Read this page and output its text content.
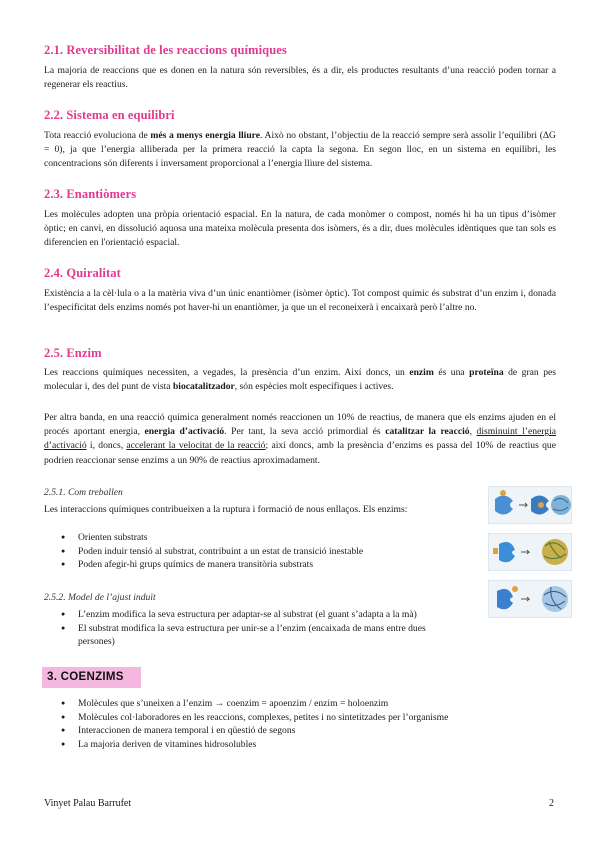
2.1. Reversibilitat de les reaccions químiques

La majoria de reaccions que es donen en la natura són reversibles, és a dir, els productes resultants d’una reacció poden tornar a regenerar els reactius.

2.2. Sistema en equilibri

Tota reacció evoluciona de més a menys energia lliure. Això no obstant, l’objectiu de la reacció sempre serà assolir l’equilibri (ΔG = 0), ja que l’energia alliberada per la primera reacció la capta la segona. En segon lloc, en un sistema en equilibri, les concentracions són diferents i inversament proporcional a l’energia lliure del sistema.

2.3. Enantiòmers

Les molècules adopten una pròpia orientació espacial. En la natura, de cada monòmer o compost, només hi ha un tipus d’isòmer òptic; en canvi, en dissolució aquosa una mateixa molècula presenta dos isòmers, és a dir, dues molècules idèntiques que tan sols es diferencien en l'orientació espacial.

2.4. Quiralitat

Existència a la cèl·lula o a la matèria viva d’un únic enantiòmer (isòmer òptic). Tot compost químic és substrat d’un enzim i, donada l’especificitat dels enzims només pot haver-hi un enantiòmer, ja que un el reconeixerà i encaixarà però l’altre no.

2.5. Enzim

Les reaccions químiques necessiten, a vegades, la presència d’un enzim. Així doncs, un enzim és una proteïna de gran pes molecular i, des del punt de vista biocatalitzador, són espècies molt específiques i actives.

Per altra banda, en una reacció química generalment només reaccionen un 10% de reactius, de manera que els enzims ajuden en el procés aportant energia, energia d’activació. Per tant, la seva acció primordial és catalitzar la reacció, disminuint l’energia d’activació i, doncs, accelerant la velocitat de la reacció; així doncs, amb la presència d’enzims es passa del 10% de reactius que podrien reaccionar sense enzims a un 90% de reactius aproximadament.

2.5.1. Com treballen

Les interaccions químiques contribueixen a la ruptura i formació de nous enllaços. Els enzims:

● Orienten substrats
● Poden induir tensió al substrat, contribuint a un estat de transició inestable
● Poden afegir-hi grups químics de manera transitòria substrats
2.5.2. Model de l’ajust induït
● L’enzim modifica la seva estructura per adaptar-se al substrat (el guant s’adapta a la mà)
● El substrat modifica la seva estructura per unir-se a l’enzim (encaixada de mans entre dues persones)
3. COENZIMS
● Molècules que s’uneixen a l’enzim → coenzim = apoenzim / enzim = holoenzim
● Molècules col·laboradores en les reaccions, complexes, petites i no sintetitzades per l’organisme
● Interaccionen de manera temporal i en qüestió de segons
● La majoria deriven de vitamines hidrosolubles
Vinyet Palau Barrufet	2
